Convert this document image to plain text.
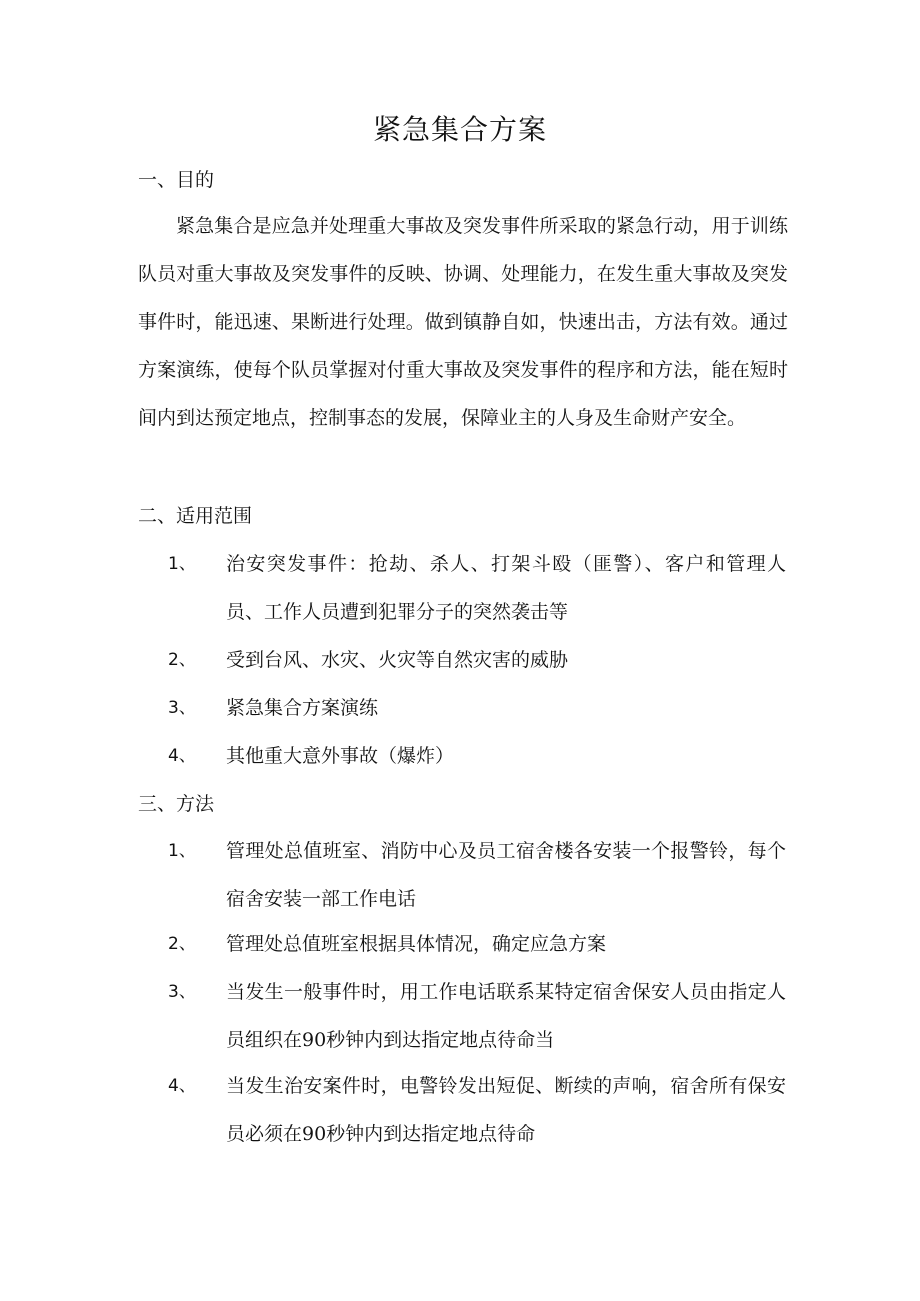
紧急集合方案
一、目的

紧急集合是应急并处理重大事故及突发事件所采取的紧急行动，用于训练队员对重大事故及突发事件的反映、协调、处理能力，在发生重大事故及突发事件时，能迅速、果断进行处理。做到镇静自如，快速出击，方法有效。通过方案演练，使每个队员掌握对付重大事故及突发事件的程序和方法，能在短时间内到达预定地点，控制事态的发展，保障业主的人身及生命财产安全。

二、适用范围
1、 治安突发事件：抢劫、杀人、打架斗殴（匪警）、客户和管理人员、工作人员遭到犯罪分子的突然袭击等
2、 受到台风、水灾、火灾等自然灾害的威胁
3、 紧急集合方案演练
4、 其他重大意外事故（爆炸）
三、方法
1、 管理处总值班室、消防中心及员工宿舍楼各安装一个报警铃，每个宿舍安装一部工作电话
2、 管理处总值班室根据具体情况，确定应急方案
3、 当发生一般事件时，用工作电话联系某特定宿舍保安人员由指定人员组织在90秒钟内到达指定地点待命当
4、 当发生治安案件时，电警铃发出短促、断续的声响，宿舍所有保安员必须在90秒钟内到达指定地点待命
